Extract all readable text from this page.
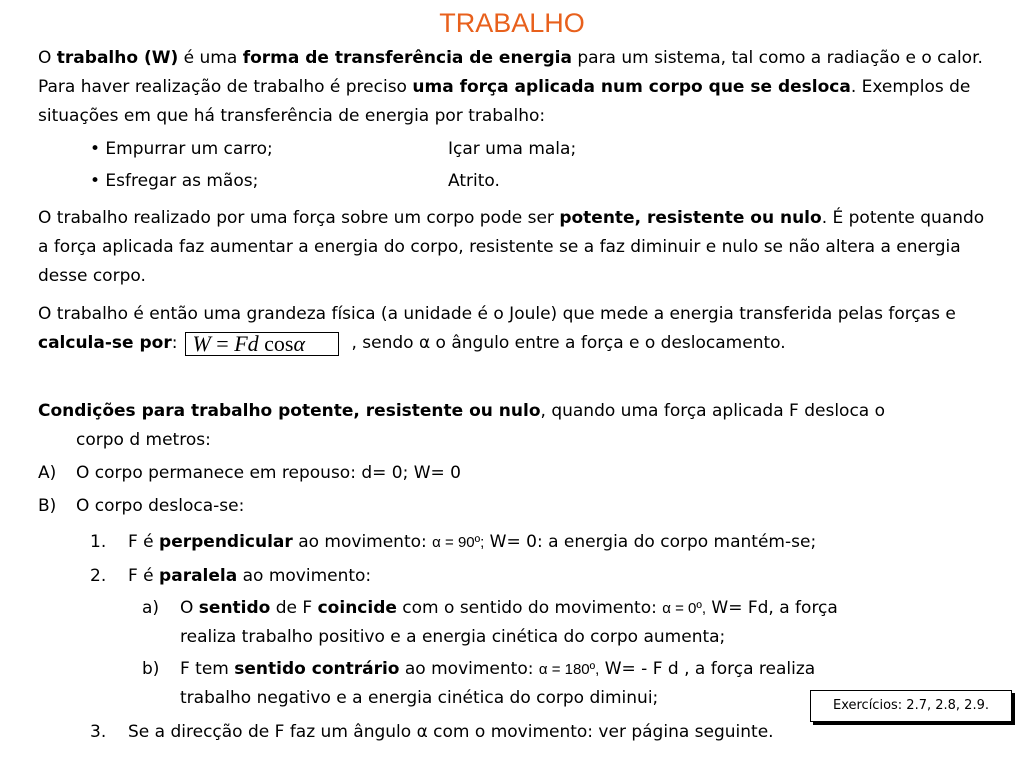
TRABALHO

O trabalho (W) é uma forma de transferência de energia para um sistema, tal como a radiação e o calor. Para haver realização de trabalho é preciso uma força aplicada num corpo que se desloca. Exemplos de situações em que há transferência de energia por trabalho:

• Empurrar um carro;	Içar uma mala;
• Esfregar as mãos;	Atrito.

O trabalho realizado por uma força sobre um corpo pode ser potente, resistente ou nulo. É potente quando a força aplicada faz aumentar a energia do corpo, resistente se a faz diminuir e nulo se não altera a energia desse corpo.

O trabalho é então uma grandeza física (a unidade é o Joule) que mede a energia transferida pelas forças e calcula-se por: W = Fd cosα	, sendo α o ângulo entre a força e o deslocamento.

Condições para trabalho potente, resistente ou nulo, quando uma força aplicada F desloca o
corpo d metros:
A) O corpo permanece em repouso: d= 0; W= 0
B) O corpo desloca-se:
1. F é perpendicular ao movimento: α = 90º; W= 0: a energia do corpo mantém-se;
2. F é paralela ao movimento:
a) O sentido de F coincide com o sentido do movimento: α = 0º, W= Fd, a força
realiza trabalho positivo e a energia cinética do corpo aumenta;
b) F tem sentido contrário ao movimento: α = 180º, W= - F d , a força realiza
trabalho negativo e a energia cinética do corpo diminui;
3. Se a direcção de F faz um ângulo α com o movimento: ver página seguinte.
Exercícios: 2.7, 2.8, 2.9.
